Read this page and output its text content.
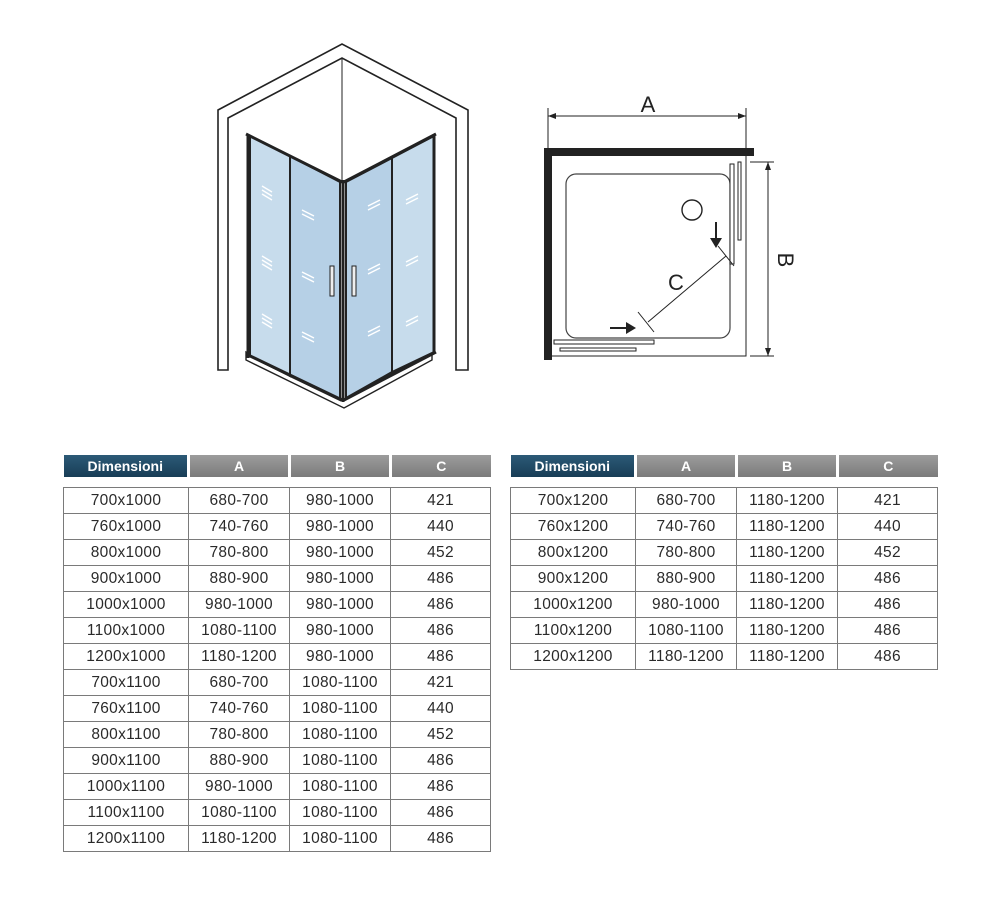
A
B
C
Dimensioni	A	B	C

700x1000	680-700	980-1000	421
760x1000	740-760	980-1000	440
800x1000	780-800	980-1000	452
900x1000	880-900	980-1000	486
1000x1000	980-1000	980-1000	486
1100x1000	1080-1100	980-1000	486
1200x1000	1180-1200	980-1000	486
700x1100	680-700	1080-1100	421
760x1100	740-760	1080-1100	440
800x1100	780-800	1080-1100	452
900x1100	880-900	1080-1100	486
1000x1100	980-1000	1080-1100	486
1100x1100	1080-1100	1080-1100	486
1200x1100	1180-1200	1080-1100	486
Dimensioni	A	B	C

700x1200	680-700	1180-1200	421
760x1200	740-760	1180-1200	440
800x1200	780-800	1180-1200	452
900x1200	880-900	1180-1200	486
1000x1200	980-1000	1180-1200	486
1100x1200	1080-1100	1180-1200	486
1200x1200	1180-1200	1180-1200	486
